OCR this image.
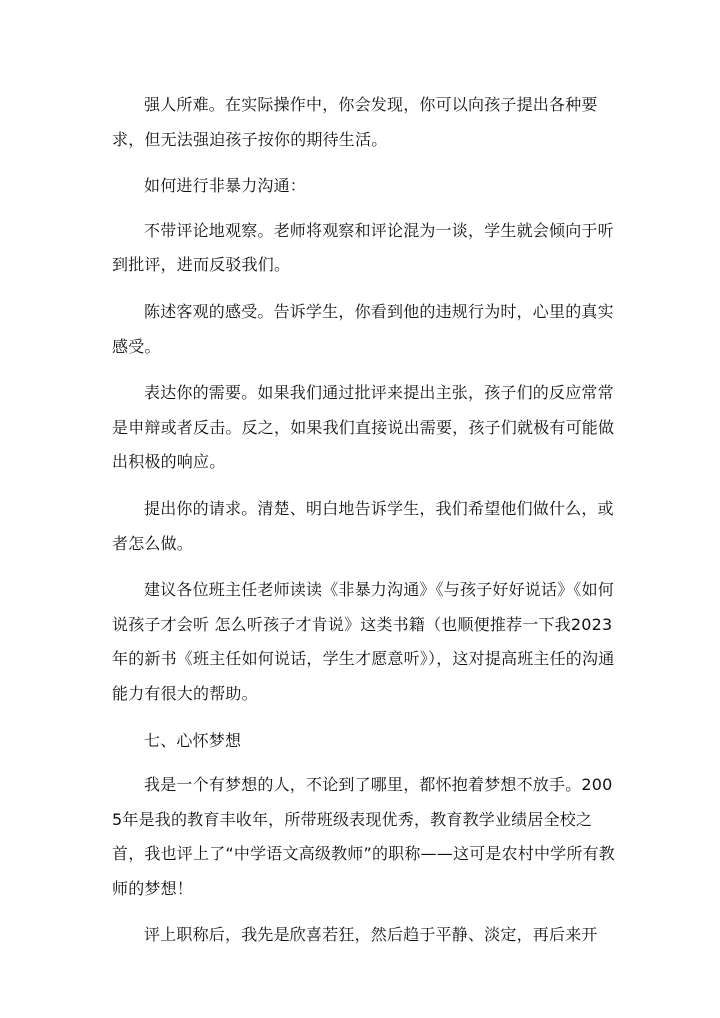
强人所难。在实际操作中，你会发现，你可以向孩子提出各种要求，但无法强迫孩子按你的期待生活。

如何进行非暴力沟通：

不带评论地观察。老师将观察和评论混为一谈，学生就会倾向于听到批评，进而反驳我们。

陈述客观的感受。告诉学生，你看到他的违规行为时，心里的真实感受。

表达你的需要。如果我们通过批评来提出主张，孩子们的反应常常是申辩或者反击。反之，如果我们直接说出需要，孩子们就极有可能做出积极的响应。

提出你的请求。清楚、明白地告诉学生，我们希望他们做什么，或者怎么做。

建议各位班主任老师读读《非暴力沟通》《与孩子好好说话》《如何说孩子才会听 怎么听孩子才肯说》这类书籍（也顺便推荐一下我2023年的新书《班主任如何说话，学生才愿意听》），这对提高班主任的沟通能力有很大的帮助。

七、心怀梦想

我是一个有梦想的人，不论到了哪里，都怀抱着梦想不放手。2005年是我的教育丰收年，所带班级表现优秀，教育教学业绩居全校之首，我也评上了“中学语文高级教师”的职称——这可是农村中学所有教师的梦想！

评上职称后，我先是欣喜若狂，然后趋于平静、淡定，再后来开
